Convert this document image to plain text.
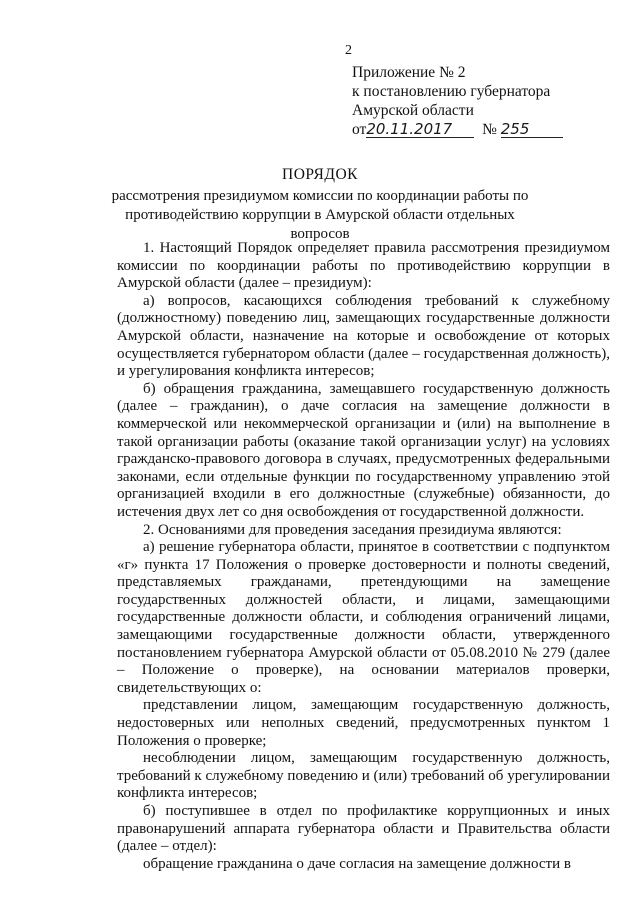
2
Приложение № 2
к постановлению губернатора
Амурской области
от20.11.2017 № 255
ПОРЯДОК
рассмотрения президиумом комиссии по координации работы по противодействию коррупции в Амурской области отдельных вопросов

1. Настоящий Порядок определяет правила рассмотрения президиумом комиссии по координации работы по противодействию коррупции в Амурской области (далее – президиум):

а) вопросов, касающихся соблюдения требований к служебному (должностному) поведению лиц, замещающих государственные должности Амурской области, назначение на которые и освобождение от которых осуществляется губернатором области (далее – государственная должность), и урегулирования конфликта интересов;

б) обращения гражданина, замещавшего государственную должность (далее – гражданин), о даче согласия на замещение должности в коммерческой или некоммерческой организации и (или) на выполнение в такой организации работы (оказание такой организации услуг) на условиях гражданско-правового договора в случаях, предусмотренных федеральными законами, если отдельные функции по государственному управлению этой организацией входили в его должностные (служебные) обязанности, до истечения двух лет со дня освобождения от государственной должности.

2. Основаниями для проведения заседания президиума являются:

а) решение губернатора области, принятое в соответствии с подпунктом «г» пункта 17 Положения о проверке достоверности и полноты сведений, представляемых гражданами, претендующими на замещение государственных должностей области, и лицами, замещающими государственные должности области, и соблюдения ограничений лицами, замещающими государственные должности области, утвержденного постановлением губернатора Амурской области от 05.08.2010 № 279 (далее – Положение о проверке), на основании материалов проверки, свидетельствующих о:

представлении лицом, замещающим государственную должность, недостоверных или неполных сведений, предусмотренных пунктом 1 Положения о проверке;

несоблюдении лицом, замещающим государственную должность, требований к служебному поведению и (или) требований об урегулировании конфликта интересов;

б) поступившее в отдел по профилактике коррупционных и иных правонарушений аппарата губернатора области и Правительства области (далее – отдел):

обращение гражданина о даче согласия на замещение должности в
